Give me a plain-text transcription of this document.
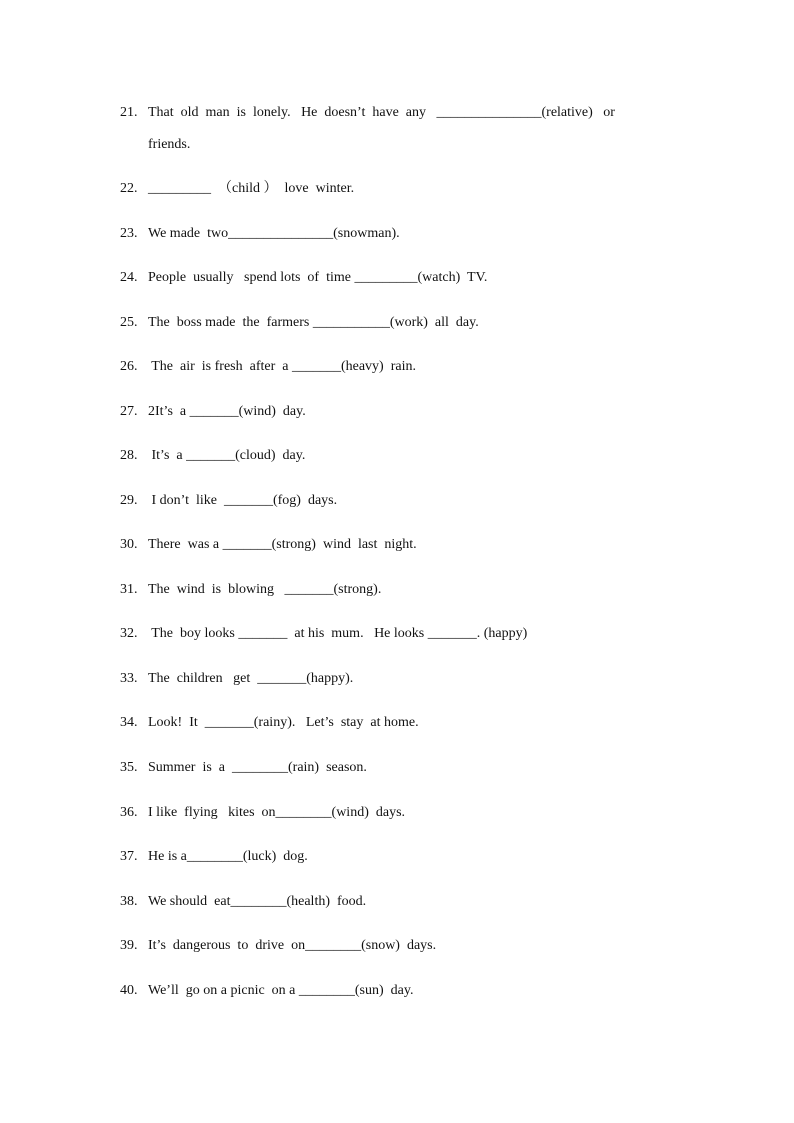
21. That  old  man  is  lonely.   He  doesn’t  have  any   _______________(relative)   or
friends.
22. _________  （child ）  love  winter.
23. We made  two_______________(snowman).
24. People  usually   spend lots  of  time _________(watch)  TV.
25. The  boss made  the  farmers ___________(work)  all  day.
26. The  air  is fresh  after  a _______(heavy)  rain.
27. 2It’s  a _______(wind)  day.
28. It’s  a _______(cloud)  day.
29. I don’t  like  _______(fog)  days.
30. There  was a _______(strong)  wind  last  night.
31. The  wind  is  blowing   _______(strong).
32. The  boy looks _______  at his  mum.   He looks _______. (happy)
33. The  children   get  _______(happy).
34. Look!  It  _______(rainy).   Let’s  stay  at home.
35. Summer  is  a  ________(rain)  season.
36. I like  flying   kites  on________(wind)  days.
37. He is a________(luck)  dog.
38. We should  eat________(health)  food.
39. It’s  dangerous  to  drive  on________(snow)  days.
40. We’ll  go on a picnic  on a ________(sun)  day.
